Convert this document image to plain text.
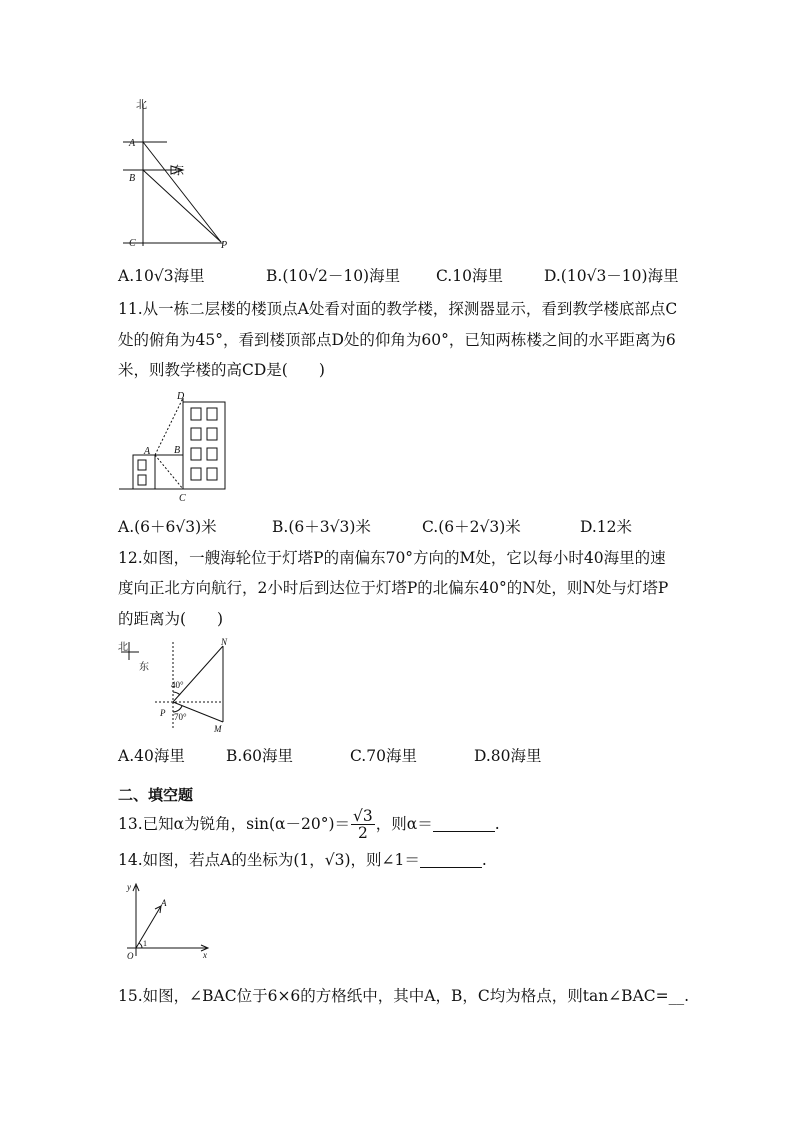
北
东
A
B
C	P
A.10√3海里	B.(10√2－10)海里 C.10海里	D.(10√3－10)海里
11.从一栋二层楼的楼顶点A处看对面的教学楼，探测器显示，看到教学楼底部点C
处的俯角为45°，看到楼顶部点D处的仰角为60°，已知两栋楼之间的水平距离为6
米，则教学楼的高CD是(　　)
D
A B
C
A.(6＋6√3)米	B.(6＋3√3)米	C.(6＋2√3)米	D.12米
12.如图，一艘海轮位于灯塔P的南偏东70°方向的M处，它以每小时40海里的速
度向正北方向航行，2小时后到达位于灯塔P的北偏东40°的N处，则N处与灯塔P
的距离为(　　)
北
东
N
P
M
40°
70°
A.40海里	B.60海里	C.70海里	D.80海里
二、填空题
13.已知α为锐角，$\sin(\alpha-20^\circ)= \frac{√3}{2}$ ，则α＝	.
14.如图，若点A的坐标为(1，√3)，则∠1＝	.
y
x
O
A
1
15.如图，∠BAC位于6×6的方格纸中，其中A，B，C均为格点，则tan∠BAC=__.
